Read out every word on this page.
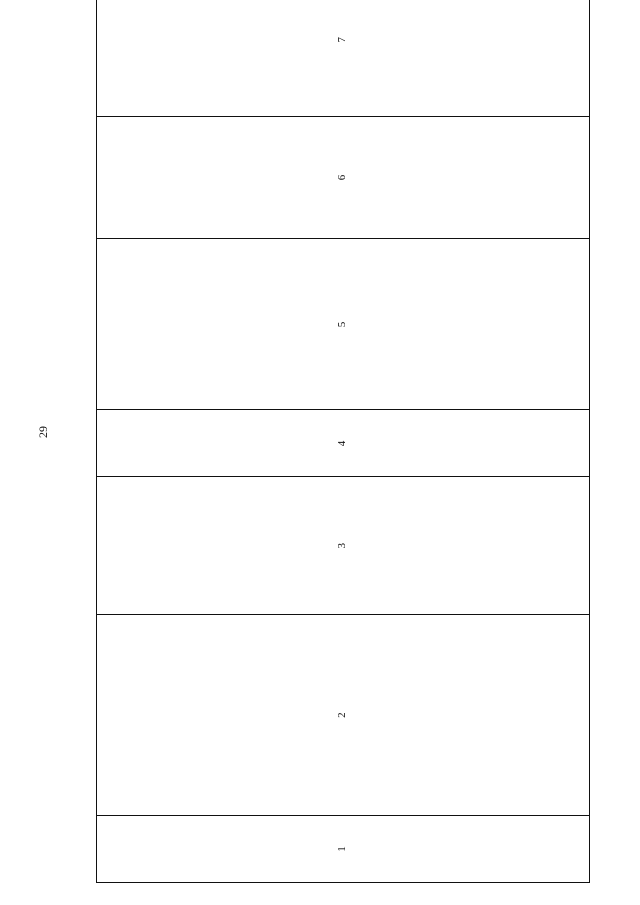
29
1	2	3	4	5	6	7
